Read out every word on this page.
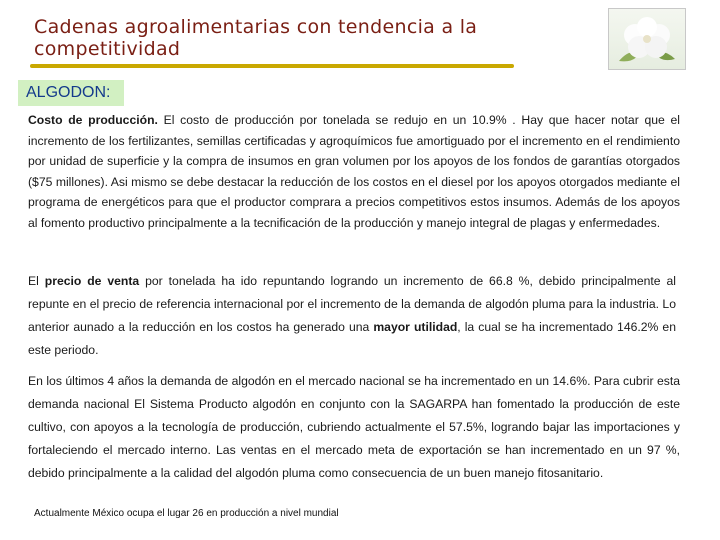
Cadenas agroalimentarias con tendencia a la competitividad
ALGODON:

Costo de producción. El costo de producción por tonelada se redujo en un 10.9% . Hay que hacer notar que el incremento de los fertilizantes, semillas certificadas y agroquímicos fue amortiguado por el incremento en el rendimiento por unidad de superficie y la compra de insumos en gran volumen por los apoyos de los fondos de garantías otorgados ($75 millones). Asi mismo se debe destacar la reducción de los costos en el diesel por los apoyos otorgados mediante el programa de energéticos para que el productor comprara a precios competitivos estos insumos. Además de los apoyos al fomento productivo principalmente a la tecnificación de la producción y manejo integral de plagas y enfermedades.

El precio de venta por tonelada ha ido repuntando logrando un incremento de 66.8 %, debido principalmente al repunte en el precio de referencia internacional por el incremento de la demanda de algodón pluma para la industria. Lo anterior aunado a la reducción en los costos ha generado una mayor utilidad, la cual se ha incrementado 146.2% en este periodo.

En los últimos 4 años la demanda de algodón en el mercado nacional se ha incrementado en un 14.6%. Para cubrir esta demanda nacional El Sistema Producto algodón en conjunto con la SAGARPA han fomentado la producción de este cultivo, con apoyos a la tecnología de producción, cubriendo actualmente el 57.5%, logrando bajar las importaciones y fortaleciendo el mercado interno. Las ventas en el mercado meta de exportación se han incrementado en un 97 %, debido principalmente a la calidad del algodón pluma como consecuencia de un buen manejo fitosanitario.

Actualmente México ocupa el lugar 26 en producción a nivel mundial
